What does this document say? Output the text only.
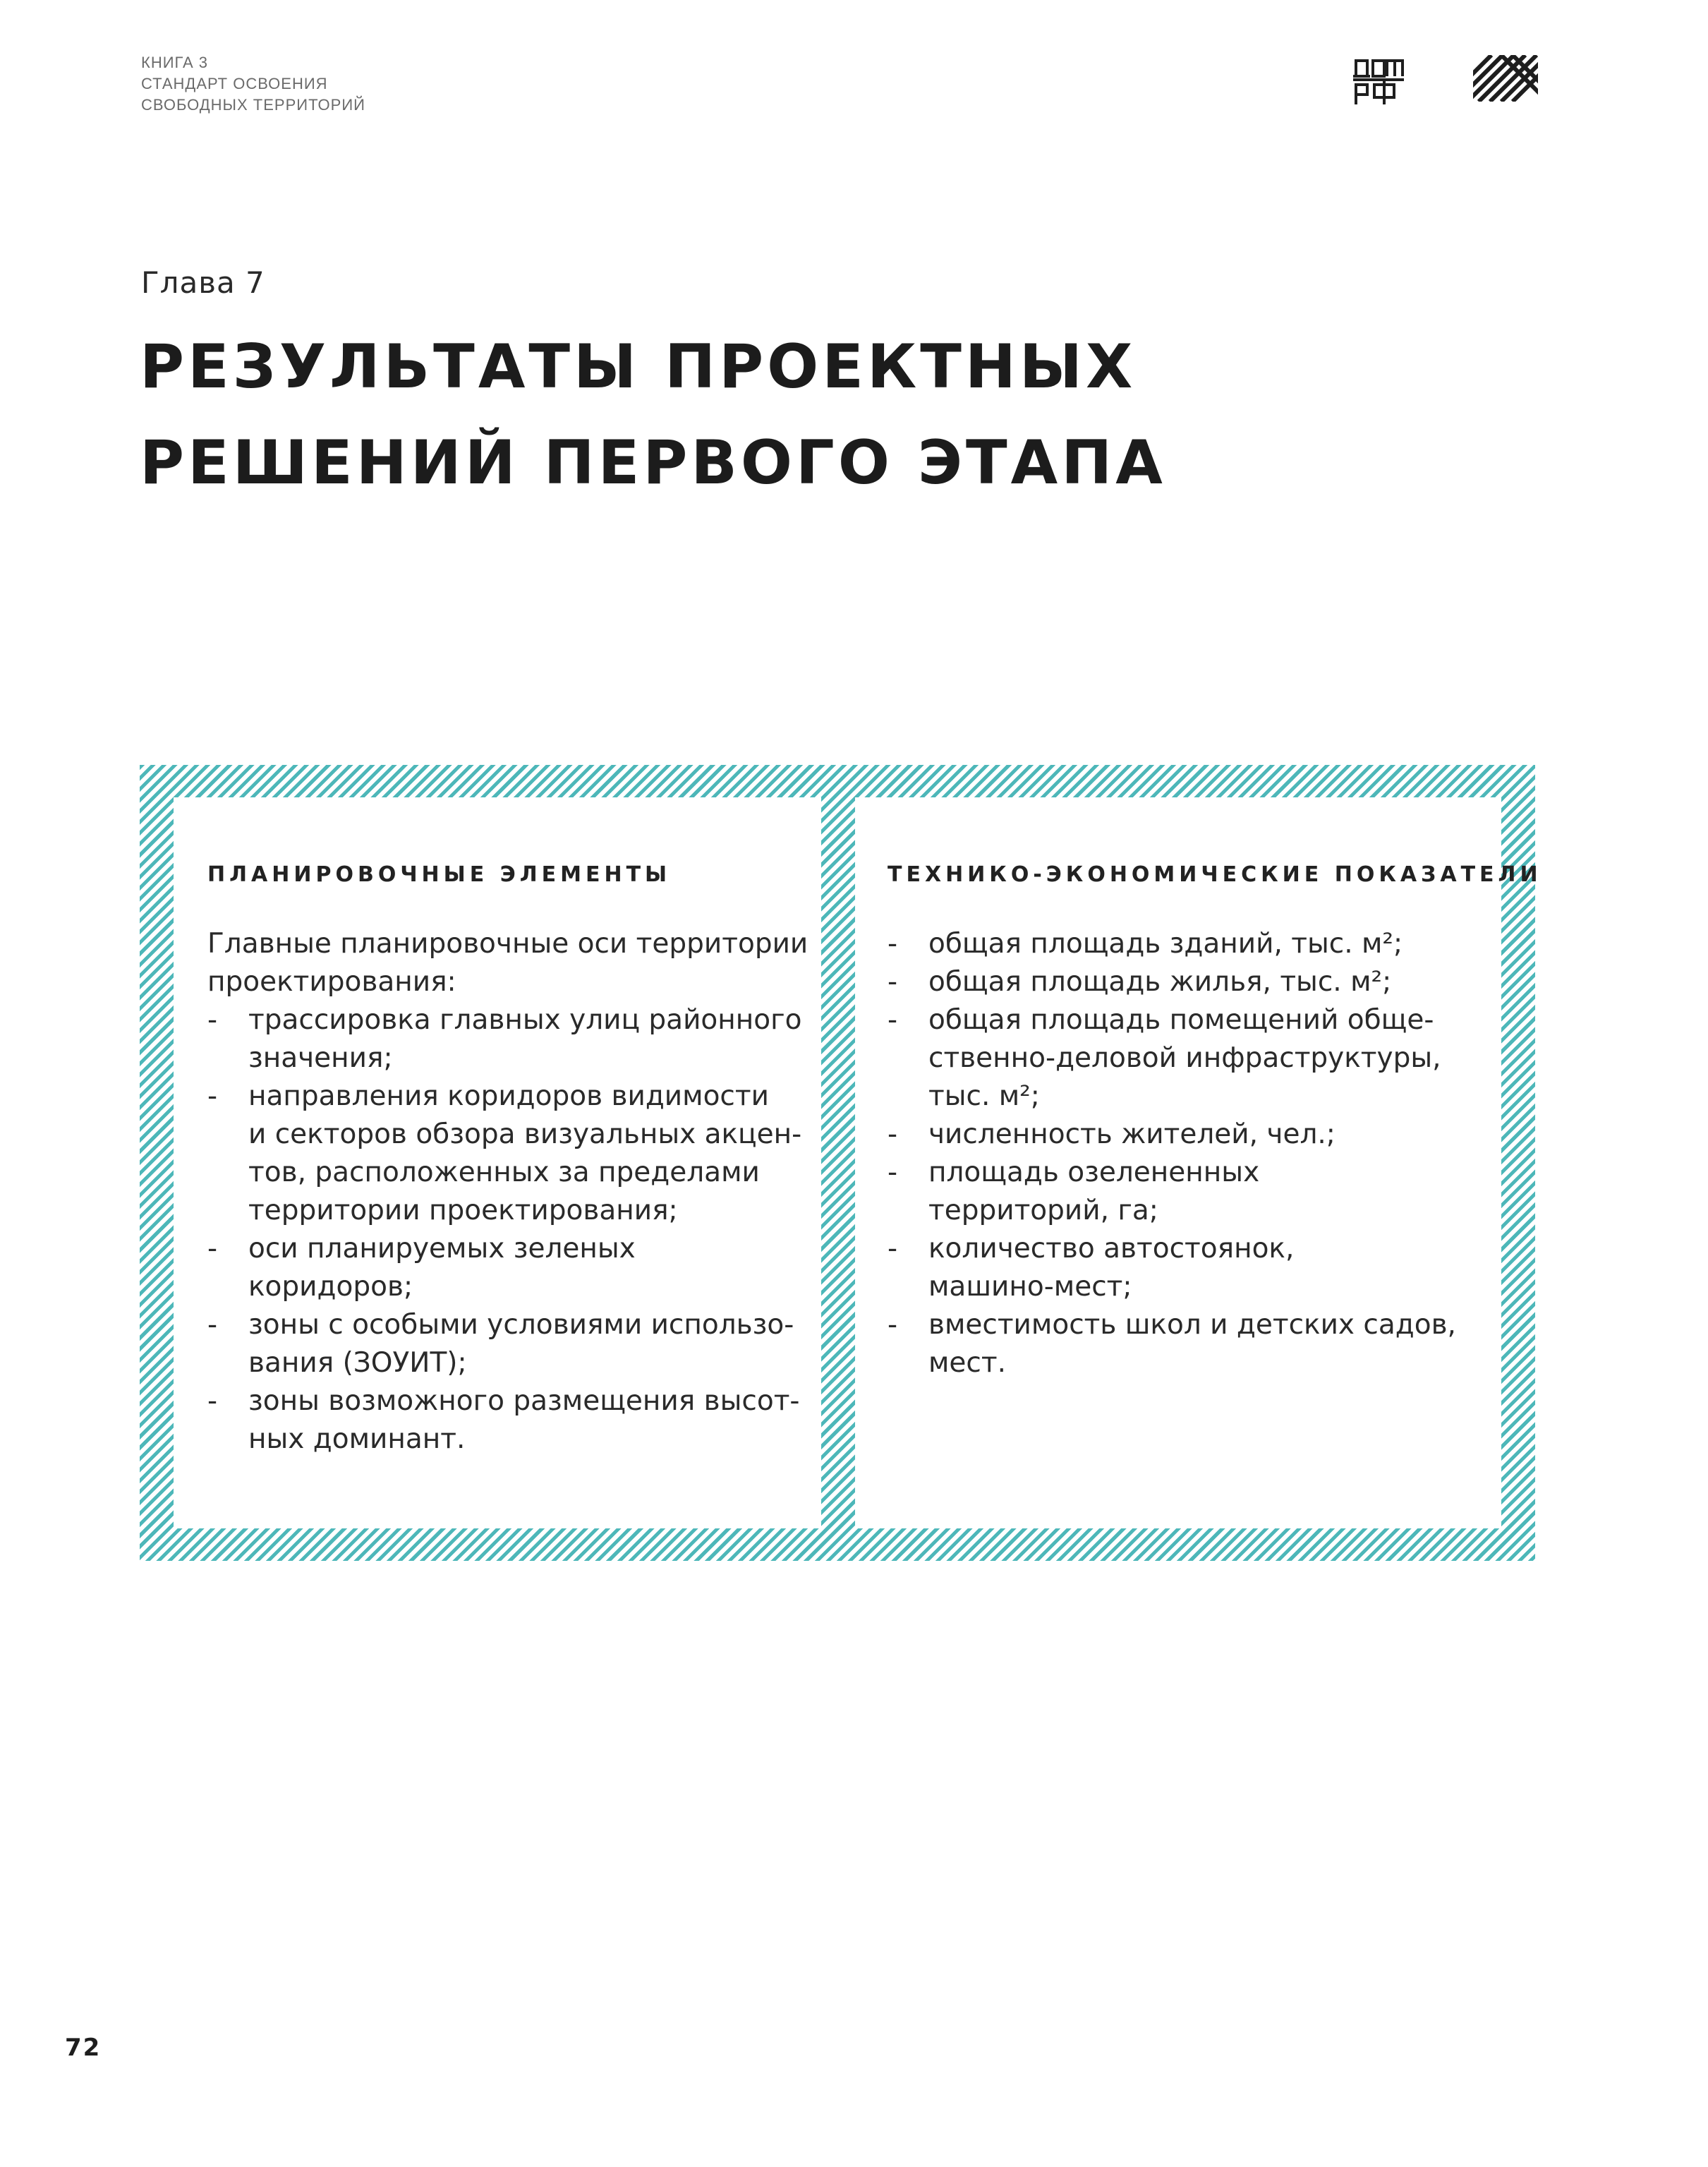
КНИГА 3
СТАНДАРТ ОСВОЕНИЯ
СВОБОДНЫХ ТЕРРИТОРИЙ
Глава 7
РЕЗУЛЬТАТЫ ПРОЕКТНЫХ
РЕШЕНИЙ ПЕРВОГО ЭТАПА
ПЛАНИРОВОЧНЫЕ ЭЛЕМЕНТЫ
Главные планировочные оси территории
проектирования:
- трассировка главных улиц районного
значения;
- направления коридоров видимости
и секторов обзора визуальных акцен-
тов, расположенных за пределами
территории проектирования;
- оси планируемых зеленых
коридоров;
- зоны с особыми условиями использо-
вания (ЗОУИТ);
- зоны возможного размещения высот-
ных доминант.
ТЕХНИКО-ЭКОНОМИЧЕСКИЕ ПОКАЗАТЕЛИ
- общая площадь зданий, тыс. м²;
- общая площадь жилья, тыс. м²;
- общая площадь помещений обще-
ственно-деловой инфраструктуры,
тыс. м²;
- численность жителей, чел.;
- площадь озелененных
территорий, га;
- количество автостоянок,
машино-мест;
- вместимость школ и детских садов,
мест.
72
